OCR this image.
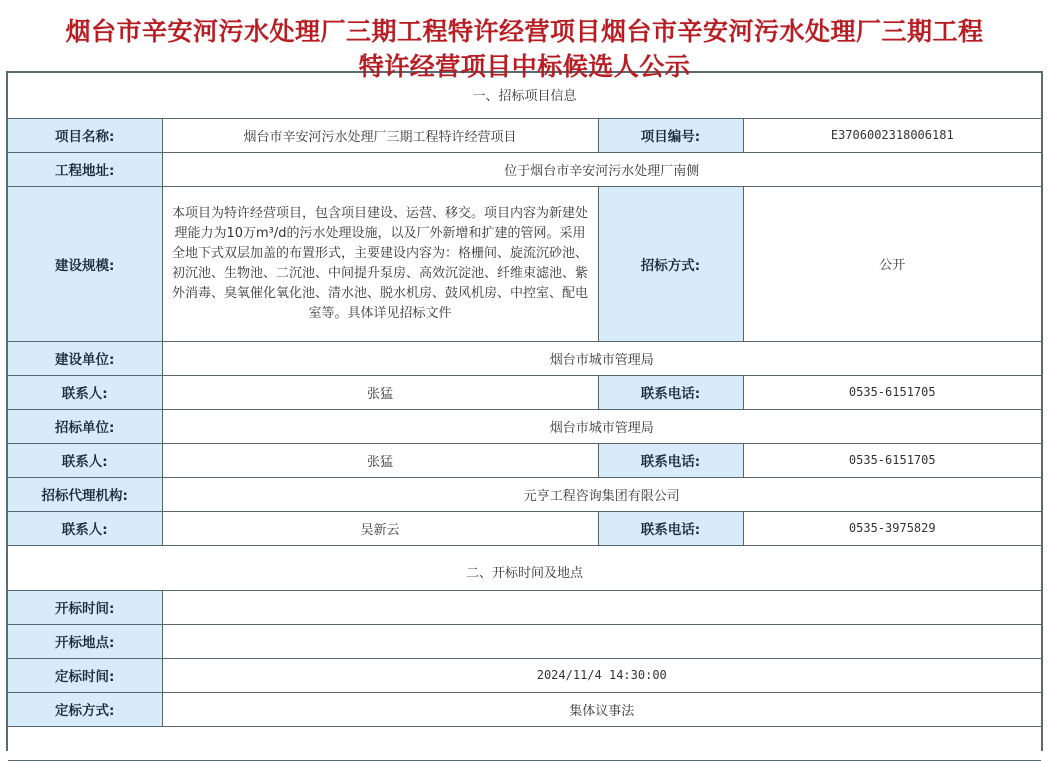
烟台市辛安河污水处理厂三期工程特许经营项目烟台市辛安河污水处理厂三期工程
特许经营项目中标候选人公示
一、招标项目信息			
项目名称:	烟台市辛安河污水处理厂三期工程特许经营项目	项目编号:	E3706002318006181
工程地址:	位于烟台市辛安河污水处理厂南侧		
建设规模:	本项目为特许经营项目，包含项目建设、运营、移交。项目内容为新建处理能力为10万m³/d的污水处理设施，以及厂外新增和扩建的管网。采用全地下式双层加盖的布置形式，主要建设内容为：格栅间、旋流沉砂池、初沉池、生物池、二沉池、中间提升泵房、高效沉淀池、纤维束滤池、紫外消毒、臭氧催化氧化池、清水池、脱水机房、鼓风机房、中控室、配电室等。具体详见招标文件	招标方式:	公开
建设单位:	烟台市城市管理局		
联系人:	张猛	联系电话:	0535-6151705
招标单位:	烟台市城市管理局		
联系人:	张猛	联系电话:	0535-6151705
招标代理机构:	元亨工程咨询集团有限公司		
联系人:	吴新云	联系电话:	0535-3975829
二、开标时间及地点			
开标时间:			
开标地点:			
定标时间:	2024/11/4 14:30:00		
定标方式:	集体议事法		
